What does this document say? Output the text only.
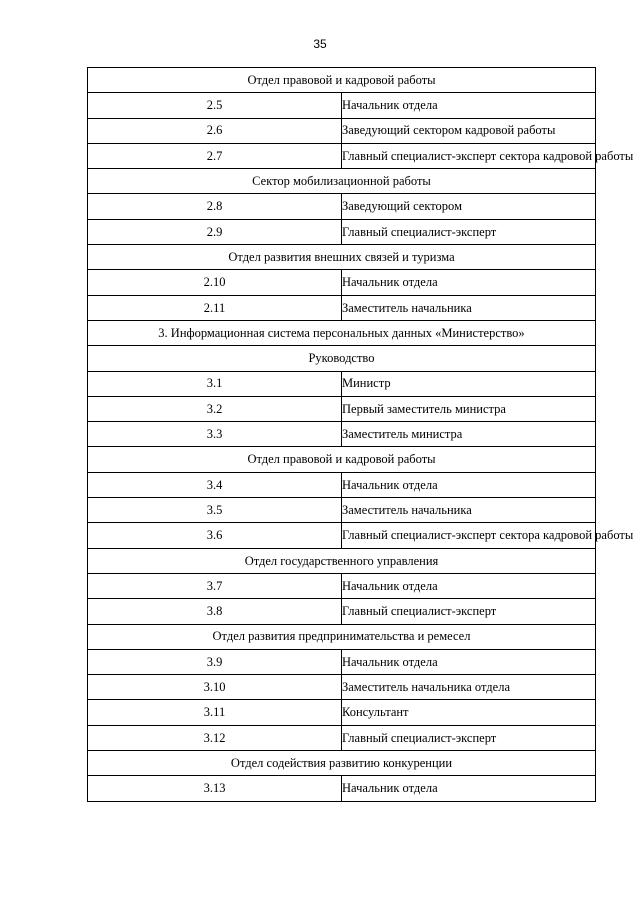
35
Отдел правовой и кадровой работы	
2.5	Начальник отдела
2.6	Заведующий сектором кадровой работы
2.7	Главный специалист-эксперт сектора кадровой работы
Сектор мобилизационной работы	
2.8	Заведующий сектором
2.9	Главный специалист-эксперт
Отдел развития внешних связей и туризма	
2.10	Начальник отдела
2.11	Заместитель начальника
3. Информационная система персональных данных «Министерство»	
Руководство	
3.1	Министр
3.2	Первый заместитель министра
3.3	Заместитель министра
Отдел правовой и кадровой работы	
3.4	Начальник отдела
3.5	Заместитель начальника
3.6	Главный специалист-эксперт сектора кадровой работы
Отдел государственного управления	
3.7	Начальник отдела
3.8	Главный специалист-эксперт
Отдел развития предпринимательства и ремесел	
3.9	Начальник отдела
3.10	Заместитель начальника отдела
3.11	Консультант
3.12	Главный специалист-эксперт
Отдел содействия развитию конкуренции	
3.13	Начальник отдела
